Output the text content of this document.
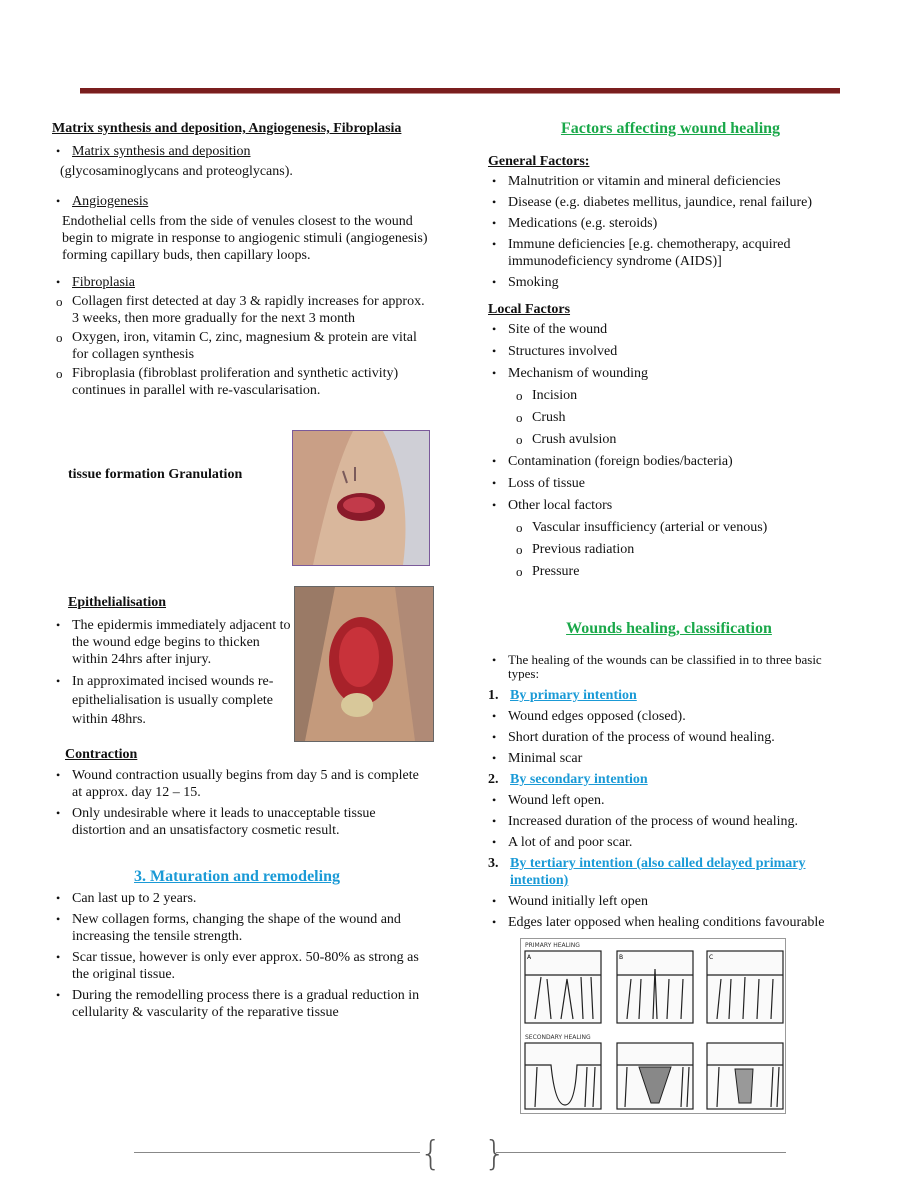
Matrix synthesis and deposition, Angiogenesis, Fibroplasia
• Matrix synthesis and deposition
(glycosaminoglycans and proteoglycans).
• Angiogenesis
Endothelial cells from the side of venules closest to the wound begin to migrate in response to angiogenic stimuli (angiogenesis) forming capillary buds, then capillary loops.
• Fibroplasia
o Collagen first detected at day 3 & rapidly increases for approx. 3 weeks, then more gradually for the next 3 month
o Oxygen, iron, vitamin C, zinc, magnesium & protein are vital for collagen synthesis
o Fibroplasia (fibroblast proliferation and synthetic activity) continues in parallel with re-vascularisation.
tissue formation Granulation
Epithelialisation
• The epidermis immediately adjacent to the wound edge begins to thicken within 24hrs after injury.
• In approximated incised wounds re-epithelialisation is usually complete within 48hrs.
Contraction
• Wound contraction usually begins from day 5 and is complete at approx. day 12 – 15.
• Only undesirable where it leads to unacceptable tissue distortion and an unsatisfactory cosmetic result.
3. Maturation and remodeling
• Can last up to 2 years.
• New collagen forms, changing the shape of the wound and increasing the tensile strength.
• Scar tissue, however is only ever approx. 50-80% as strong as the original tissue.
• During the remodelling process there is a gradual reduction in cellularity & vascularity of the reparative tissue
Factors affecting wound healing
General Factors:
• Malnutrition or vitamin and mineral deficiencies
• Disease (e.g. diabetes mellitus, jaundice, renal failure)
• Medications (e.g. steroids)
• Immune deficiencies [e.g. chemotherapy, acquired immunodeficiency syndrome (AIDS)]
• Smoking
Local Factors
• Site of the wound
• Structures involved
• Mechanism of wounding
o Incision
o Crush
o Crush avulsion
• Contamination (foreign bodies/bacteria)
• Loss of tissue
• Other local factors
o Vascular insufficiency (arterial or venous)
o Previous radiation
o Pressure
Wounds healing, classification
• The healing of the wounds can be classified in to three basic types:
1. By primary intention
• Wound edges opposed (closed).
• Short duration of the process of wound healing.
• Minimal scar
2. By secondary intention
• Wound left open.
• Increased duration of the process of wound healing.
• A lot of and poor scar.
3. By tertiary intention (also called delayed primary intention)
• Wound initially left open
• Edges later opposed when healing conditions favourable
PRIMARY HEALING
A	B	C
SECONDARY HEALING
{ }
